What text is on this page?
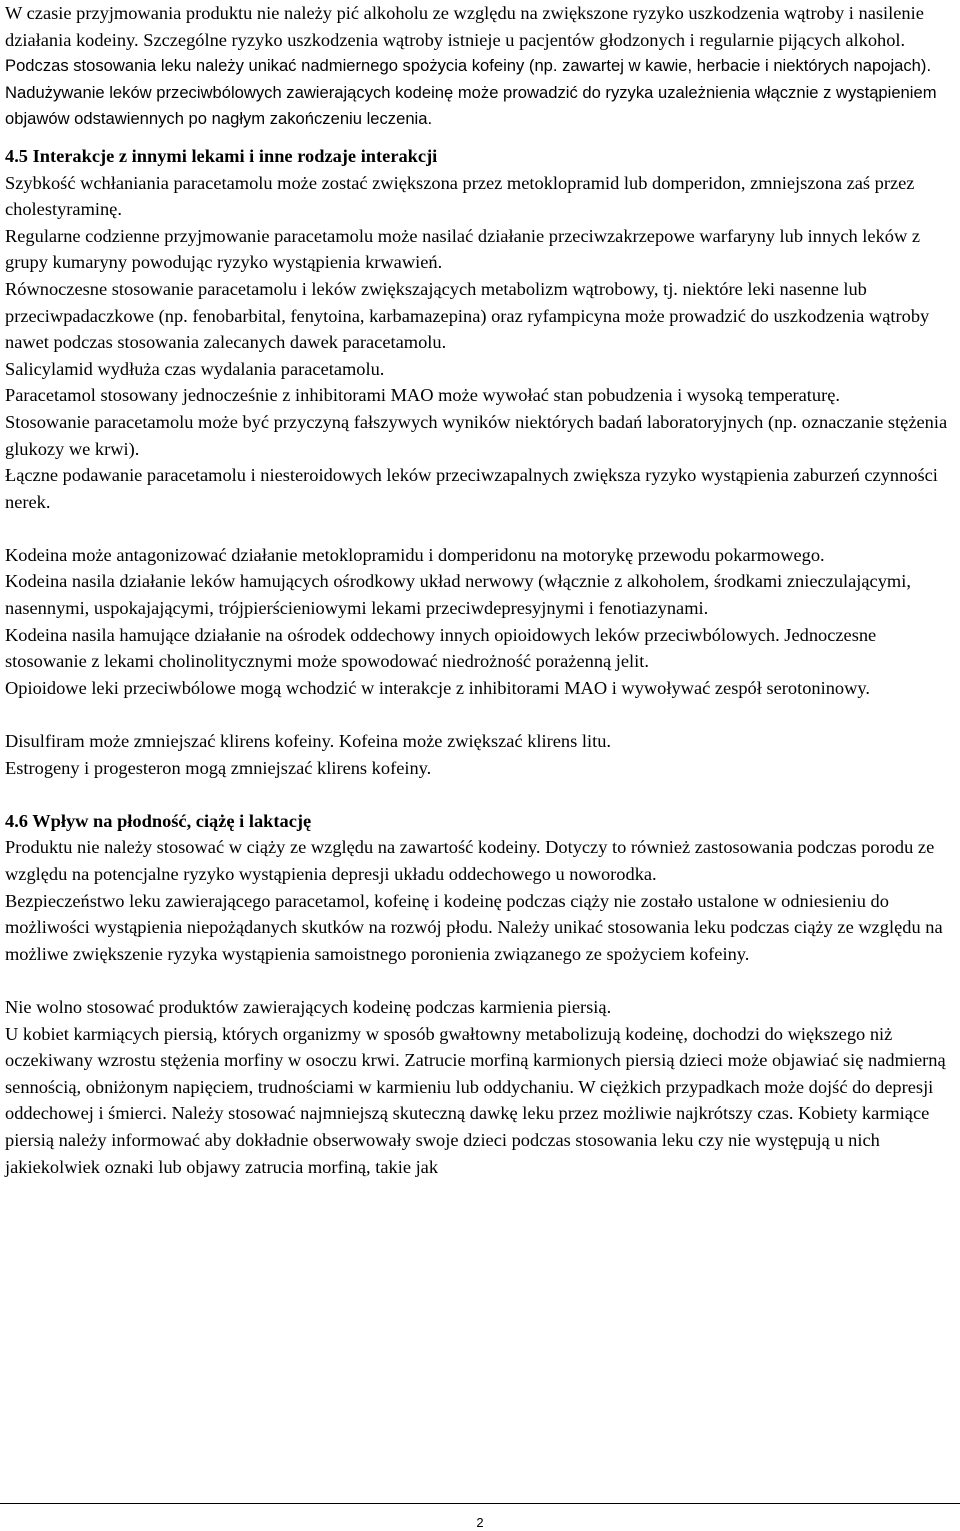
W czasie przyjmowania produktu nie należy pić alkoholu ze względu na zwiększone ryzyko uszkodzenia wątroby i nasilenie działania kodeiny. Szczególne ryzyko uszkodzenia wątroby istnieje u pacjentów głodzonych i regularnie pijących alkohol.

Podczas stosowania leku należy unikać nadmiernego spożycia kofeiny (np. zawartej w kawie, herbacie i niektórych napojach).

Nadużywanie leków przeciwbólowych zawierających kodeinę może prowadzić do ryzyka uzależnienia włącznie z wystąpieniem objawów odstawiennych po nagłym zakończeniu leczenia.

4.5 Interakcje z innymi lekami i inne rodzaje interakcji

Szybkość wchłaniania paracetamolu może zostać zwiększona przez metoklopramid lub domperidon, zmniejszona zaś przez cholestyraminę.

Regularne codzienne przyjmowanie paracetamolu może nasilać działanie przeciwzakrzepowe warfaryny lub innych leków z grupy kumaryny powodując ryzyko wystąpienia krwawień.

Równoczesne stosowanie paracetamolu i leków zwiększających metabolizm wątrobowy, tj. niektóre leki nasenne lub przeciwpadaczkowe (np. fenobarbital, fenytoina, karbamazepina) oraz ryfampicyna może prowadzić do uszkodzenia wątroby nawet podczas stosowania zalecanych dawek paracetamolu.

Salicylamid wydłuża czas wydalania paracetamolu.

Paracetamol stosowany jednocześnie z inhibitorami MAO może wywołać stan pobudzenia i wysoką temperaturę.

Stosowanie paracetamolu może być przyczyną fałszywych wyników niektórych badań laboratoryjnych (np. oznaczanie stężenia glukozy we krwi).

Łączne podawanie paracetamolu i niesteroidowych leków przeciwzapalnych zwiększa ryzyko wystąpienia zaburzeń czynności nerek.

Kodeina może antagonizować działanie metoklopramidu i domperidonu na motorykę przewodu pokarmowego.

Kodeina nasila działanie leków hamujących ośrodkowy układ nerwowy (włącznie z alkoholem, środkami znieczulającymi, nasennymi, uspokajającymi, trójpierścieniowymi lekami przeciwdepresyjnymi i fenotiazynami.

Kodeina nasila hamujące działanie na ośrodek oddechowy innych opioidowych leków przeciwbólowych. Jednoczesne stosowanie z lekami cholinolitycznymi może spowodować niedrożność porażenną jelit.

Opioidowe leki przeciwbólowe mogą wchodzić w interakcje z inhibitorami MAO i wywoływać zespół serotoninowy.

Disulfiram może zmniejszać klirens kofeiny. Kofeina może zwiększać klirens litu.

Estrogeny i progesteron mogą zmniejszać klirens kofeiny.

4.6 Wpływ na płodność, ciążę i laktację

Produktu nie należy stosować w ciąży ze względu na zawartość kodeiny. Dotyczy to również zastosowania podczas porodu ze względu na potencjalne ryzyko wystąpienia depresji układu oddechowego u noworodka.

Bezpieczeństwo leku zawierającego paracetamol, kofeinę i kodeinę podczas ciąży nie zostało ustalone w odniesieniu do możliwości wystąpienia niepożądanych skutków na rozwój płodu. Należy unikać stosowania leku podczas ciąży ze względu na możliwe zwiększenie ryzyka wystąpienia samoistnego poronienia związanego ze spożyciem kofeiny.

Nie wolno stosować produktów zawierających kodeinę podczas karmienia piersią.

U kobiet karmiących piersią, których organizmy w sposób gwałtowny metabolizują kodeinę, dochodzi do większego niż oczekiwany wzrostu stężenia morfiny w osoczu krwi. Zatrucie morfiną karmionych piersią dzieci może objawiać się nadmierną sennością, obniżonym napięciem, trudnościami w karmieniu lub oddychaniu. W ciężkich przypadkach może dojść do depresji oddechowej i śmierci. Należy stosować najmniejszą skuteczną dawkę leku przez możliwie najkrótszy czas. Kobiety karmiące piersią należy informować aby dokładnie obserwowały swoje dzieci podczas stosowania leku czy nie występują u nich jakiekolwiek oznaki lub objawy zatrucia morfiną, takie jak

2
